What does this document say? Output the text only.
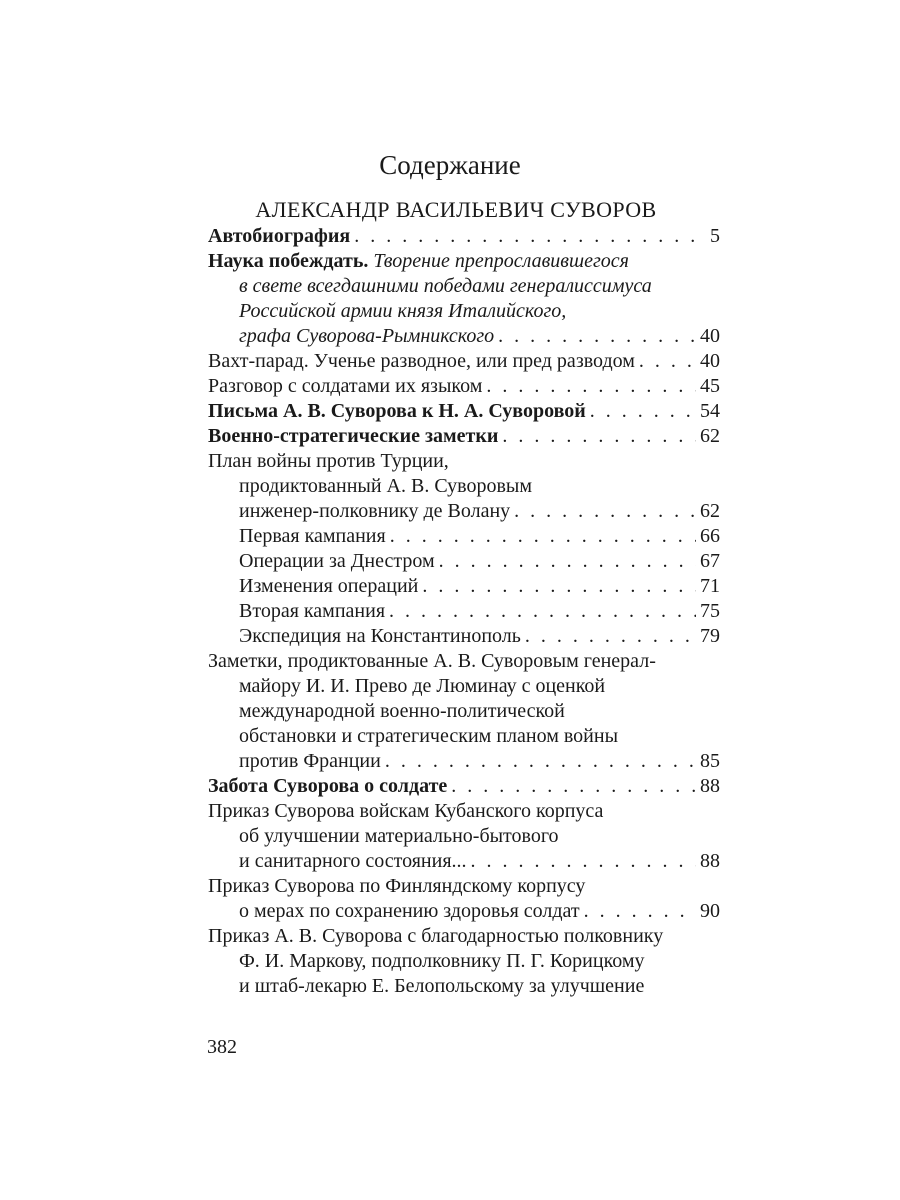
Содержание
АЛЕКСАНДР ВАСИЛЬЕВИЧ СУВОРОВ
Автобиография . . .	5
Наука побеждать. Творение препрославившегося
в свете всегдашними победами генералиссимуса
Российской армии князя Италийского,
графа Суворова-Рымникского . . .	40
Вахт-парад. Ученье разводное, или пред разводом . . .	40
Разговор с солдатами их языком . . .	45
Письма А. В. Суворова к Н. А. Суворовой . . .	54
Военно-стратегические заметки . . .	62
План войны против Турции,
продиктованный А. В. Суворовым
инженер-полковнику де Волану . . .	62
Первая кампания . . .	66
Операции за Днестром . . .	67
Изменения операций . . .	71
Вторая кампания . . .	75
Экспедиция на Константинополь . . .	79
Заметки, продиктованные А. В. Суворовым генерал-
майору И. И. Прево де Люминау с оценкой
международной военно-политической
обстановки и стратегическим планом войны
против Франции . . .	85
Забота Суворова о солдате . . .	88
Приказ Суворова войскам Кубанского корпуса
об улучшении материально-бытового
и санитарного состояния... . . .	88
Приказ Суворова по Финляндскому корпусу
о мерах по сохранению здоровья солдат . . .	90
Приказ А. В. Суворова с благодарностью полковнику
Ф. И. Маркову, подполковнику П. Г. Корицкому
и штаб-лекарю Е. Белопольскому за улучшение
382
